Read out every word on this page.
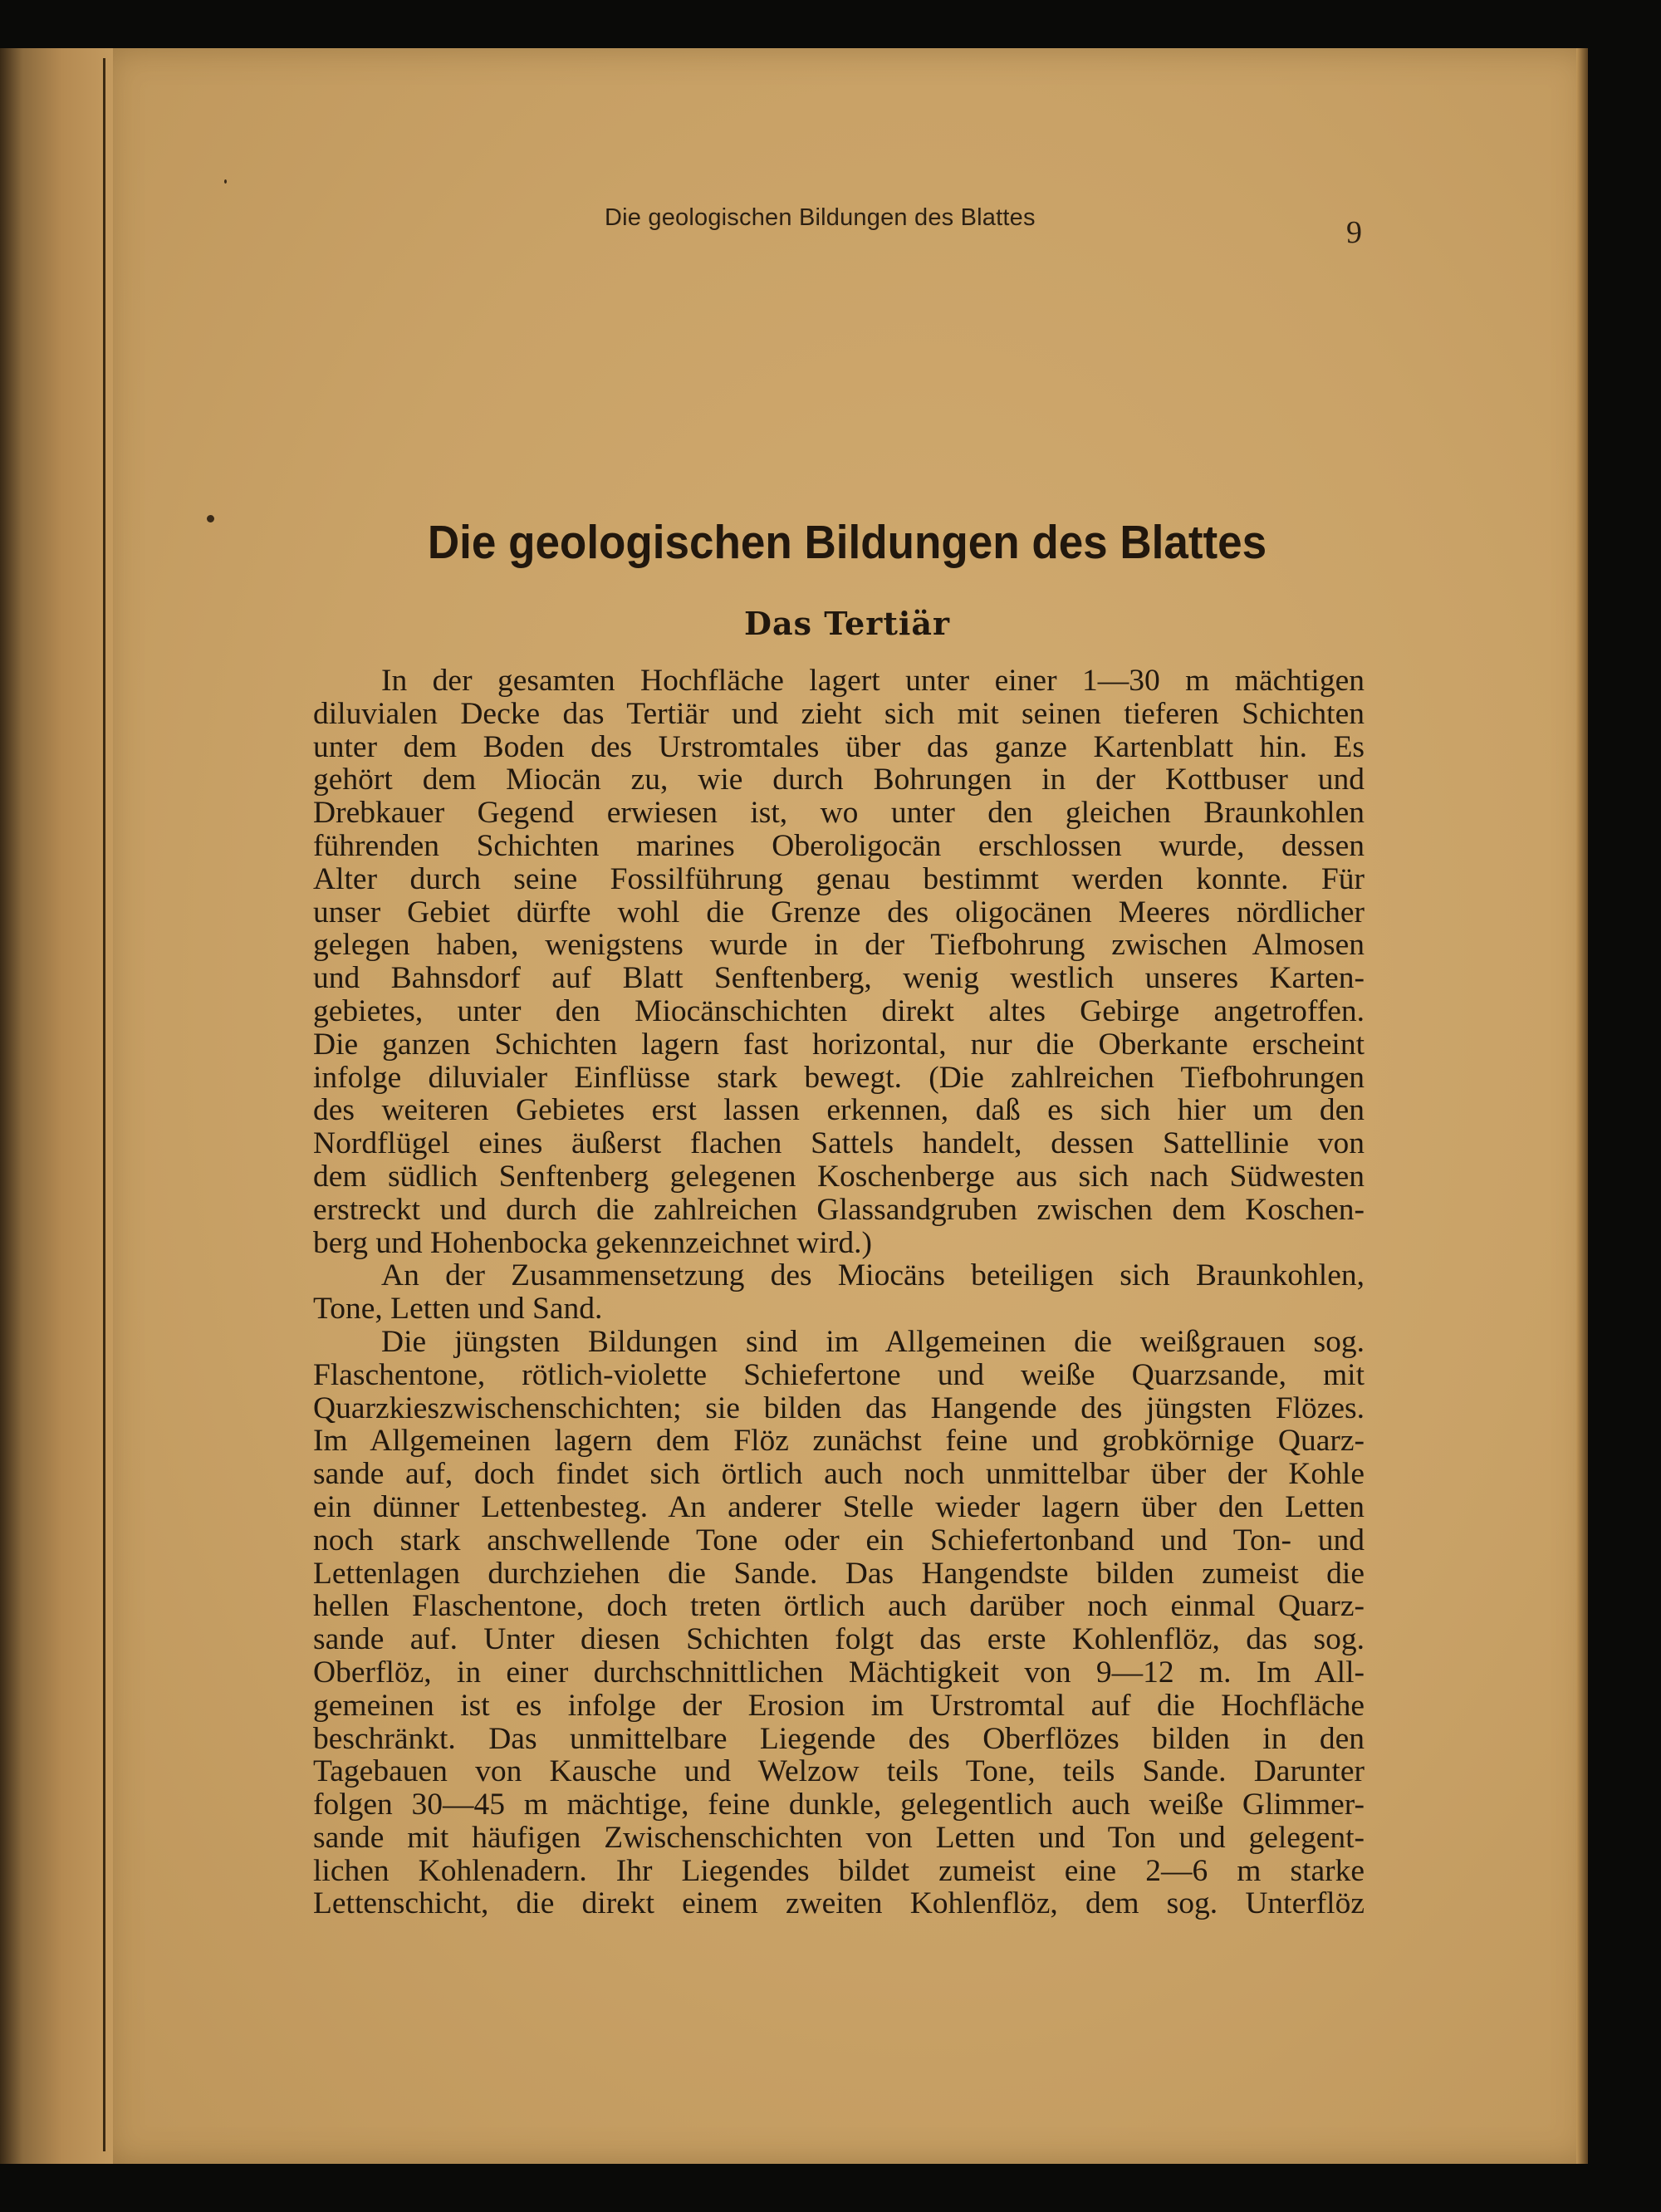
Die geologischen Bildungen des Blattes	9
Die geologischen Bildungen des Blattes
Das Tertiär
In der gesamten Hochfläche lagert unter einer 1—30 m mächtigen
diluvialen Decke das Tertiär und zieht sich mit seinen tieferen Schichten
unter dem Boden des Urstromtales über das ganze Kartenblatt hin. Es
gehört dem Miocän zu, wie durch Bohrungen in der Kottbuser und
Drebkauer Gegend erwiesen ist, wo unter den gleichen Braunkohlen
führenden Schichten marines Oberoligocän erschlossen wurde, dessen
Alter durch seine Fossilführung genau bestimmt werden konnte. Für
unser Gebiet dürfte wohl die Grenze des oligocänen Meeres nördlicher
gelegen haben, wenigstens wurde in der Tiefbohrung zwischen Almosen
und Bahnsdorf auf Blatt Senftenberg, wenig westlich unseres Karten-
gebietes, unter den Miocänschichten direkt altes Gebirge angetroffen.
Die ganzen Schichten lagern fast horizontal, nur die Oberkante erscheint
infolge diluvialer Einflüsse stark bewegt. (Die zahlreichen Tiefbohrungen
des weiteren Gebietes erst lassen erkennen, daß es sich hier um den
Nordflügel eines äußerst flachen Sattels handelt, dessen Sattellinie von
dem südlich Senftenberg gelegenen Koschenberge aus sich nach Südwesten
erstreckt und durch die zahlreichen Glassandgruben zwischen dem Koschen-
berg und Hohenbocka gekennzeichnet wird.)
An der Zusammensetzung des Miocäns beteiligen sich Braunkohlen,
Tone, Letten und Sand.
Die jüngsten Bildungen sind im Allgemeinen die weißgrauen sog.
Flaschentone, rötlich-violette Schiefertone und weiße Quarzsande, mit
Quarzkieszwischenschichten; sie bilden das Hangende des jüngsten Flözes.
Im Allgemeinen lagern dem Flöz zunächst feine und grobkörnige Quarz-
sande auf, doch findet sich örtlich auch noch unmittelbar über der Kohle
ein dünner Lettenbesteg. An anderer Stelle wieder lagern über den Letten
noch stark anschwellende Tone oder ein Schiefertonband und Ton- und
Lettenlagen durchziehen die Sande. Das Hangendste bilden zumeist die
hellen Flaschentone, doch treten örtlich auch darüber noch einmal Quarz-
sande auf. Unter diesen Schichten folgt das erste Kohlenflöz, das sog.
Oberflöz, in einer durchschnittlichen Mächtigkeit von 9—12 m. Im All-
gemeinen ist es infolge der Erosion im Urstromtal auf die Hochfläche
beschränkt. Das unmittelbare Liegende des Oberflözes bilden in den
Tagebauen von Kausche und Welzow teils Tone, teils Sande. Darunter
folgen 30—45 m mächtige, feine dunkle, gelegentlich auch weiße Glimmer-
sande mit häufigen Zwischenschichten von Letten und Ton und gelegent-
lichen Kohlenadern. Ihr Liegendes bildet zumeist eine 2—6 m starke
Lettenschicht, die direkt einem zweiten Kohlenflöz, dem sog. Unterflöz
